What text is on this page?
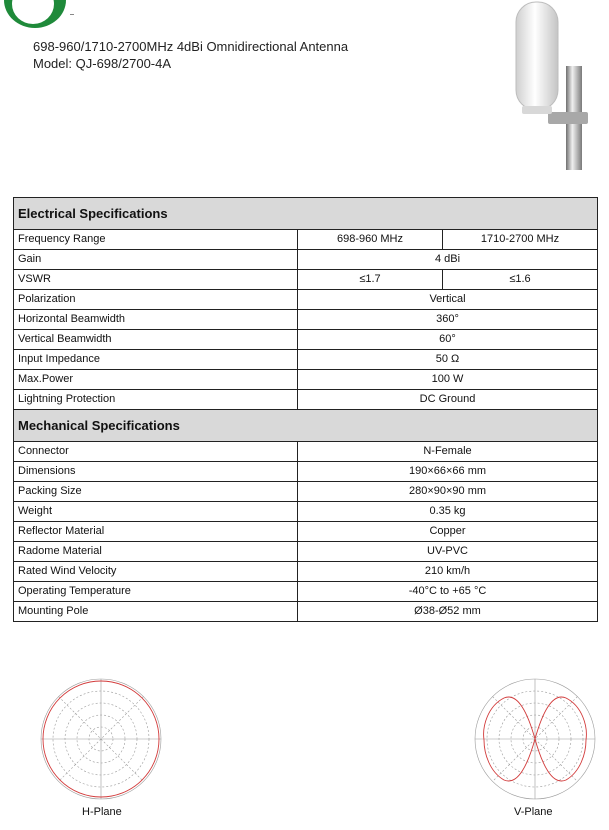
DAWN
698-960/1710-2700MHz 4dBi Omnidirectional Antenna
Model: QJ-698/2700-4A
Electrical Specifications		
Frequency Range	698-960 MHz	1710-2700 MHz
Gain	4 dBi	
VSWR	≤1.7	≤1.6
Polarization	Vertical	
Horizontal Beamwidth	360°	
Vertical Beamwidth	60°	
Input Impedance	50 Ω	
Max.Power	100 W	
Lightning Protection	DC Ground	
Mechanical Specifications		
Connector	N-Female	
Dimensions	190×66×66 mm	
Packing Size	280×90×90 mm	
Weight	0.35 kg	
Reflector Material	Copper	
Radome Material	UV-PVC	
Rated Wind Velocity	210 km/h	
Operating Temperature	-40°C to +65 °C	
Mounting Pole	Ø38-Ø52 mm	
H-Plane	V-Plane
